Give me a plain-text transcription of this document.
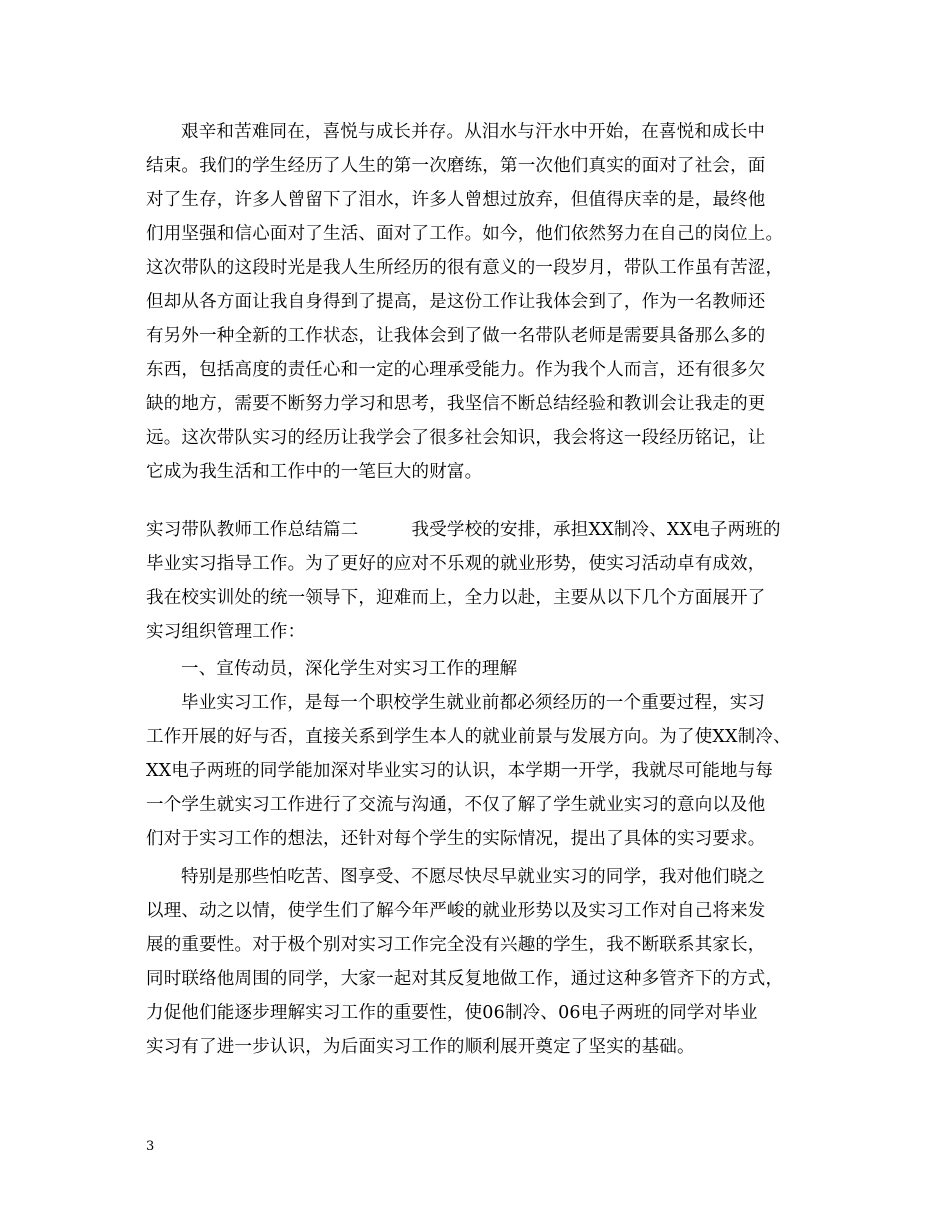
艰辛和苦难同在，喜悦与成长并存。从泪水与汗水中开始，在喜悦和成长中
结束。我们的学生经历了人生的第一次磨练，第一次他们真实的面对了社会，面
对了生存，许多人曾留下了泪水，许多人曾想过放弃，但值得庆幸的是，最终他
们用坚强和信心面对了生活、面对了工作。如今，他们依然努力在自己的岗位上。
这次带队的这段时光是我人生所经历的很有意义的一段岁月，带队工作虽有苦涩，
但却从各方面让我自身得到了提高，是这份工作让我体会到了，作为一名教师还
有另外一种全新的工作状态，让我体会到了做一名带队老师是需要具备那么多的
东西，包括高度的责任心和一定的心理承受能力。作为我个人而言，还有很多欠
缺的地方，需要不断努力学习和思考，我坚信不断总结经验和教训会让我走的更
远。这次带队实习的经历让我学会了很多社会知识，我会将这一段经历铭记，让
它成为我生活和工作中的一笔巨大的财富。
实习带队教师工作总结篇二　　　我受学校的安排，承担XX制冷、XX电子两班的
毕业实习指导工作。为了更好的应对不乐观的就业形势，使实习活动卓有成效，
我在校实训处的统一领导下，迎难而上，全力以赴，主要从以下几个方面展开了
实习组织管理工作：
一、宣传动员，深化学生对实习工作的理解
毕业实习工作，是每一个职校学生就业前都必须经历的一个重要过程，实习
工作开展的好与否，直接关系到学生本人的就业前景与发展方向。为了使XX制冷、
XX电子两班的同学能加深对毕业实习的认识，本学期一开学，我就尽可能地与每
一个学生就实习工作进行了交流与沟通，不仅了解了学生就业实习的意向以及他
们对于实习工作的想法，还针对每个学生的实际情况，提出了具体的实习要求。
特别是那些怕吃苦、图享受、不愿尽快尽早就业实习的同学，我对他们晓之
以理、动之以情，使学生们了解今年严峻的就业形势以及实习工作对自己将来发
展的重要性。对于极个别对实习工作完全没有兴趣的学生，我不断联系其家长，
同时联络他周围的同学，大家一起对其反复地做工作，通过这种多管齐下的方式，
力促他们能逐步理解实习工作的重要性，使06制冷、06电子两班的同学对毕业
实习有了进一步认识，为后面实习工作的顺利展开奠定了坚实的基础。
3
